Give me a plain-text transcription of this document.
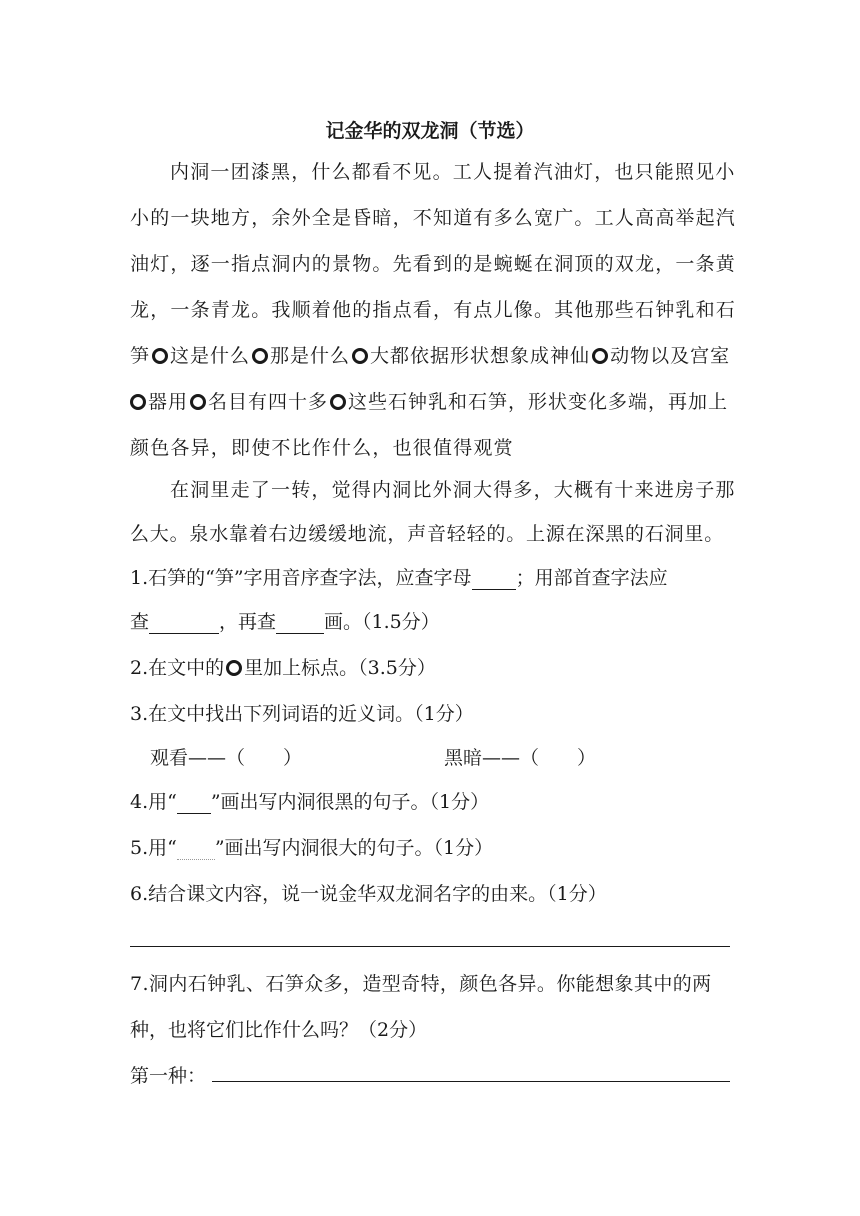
记金华的双龙洞（节选）
内洞一团漆黑，什么都看不见。工人提着汽油灯，也只能照见小
小的一块地方，余外全是昏暗，不知道有多么宽广。工人高高举起汽
油灯，逐一指点洞内的景物。先看到的是蜿蜒在洞顶的双龙，一条黄
龙，一条青龙。我顺着他的指点看，有点儿像。其他那些石钟乳和石
笋 这是什么 那是什么 大都依据形状想象成神仙 动物以及宫室
器用 名目有四十多 这些石钟乳和石笋，形状变化多端，再加上
颜色各异，即使不比作什么，也很值得观赏
在洞里走了一转，觉得内洞比外洞大得多，大概有十来进房子那
么大。泉水靠着右边缓缓地流，声音轻轻的。上源在深黑的石洞里。
1.石笋的“笋”字用音序查字法，应查字母 ；用部首查字法应
查	，再查	画。（1.5分）
2.在文中的 里加上标点。（3.5分）
3.在文中找出下列词语的近义词。（1分）
观看——（　　）	黑暗——（　　）
4.用“ ”画出写内洞很黑的句子。（1分）
5.用“ ”画出写内洞很大的句子。（1分）
6.结合课文内容，说一说金华双龙洞名字的由来。（1分）
7.洞内石钟乳、石笋众多，造型奇特，颜色各异。你能想象其中的两
种，也将它们比作什么吗？（2分）
第一种：
